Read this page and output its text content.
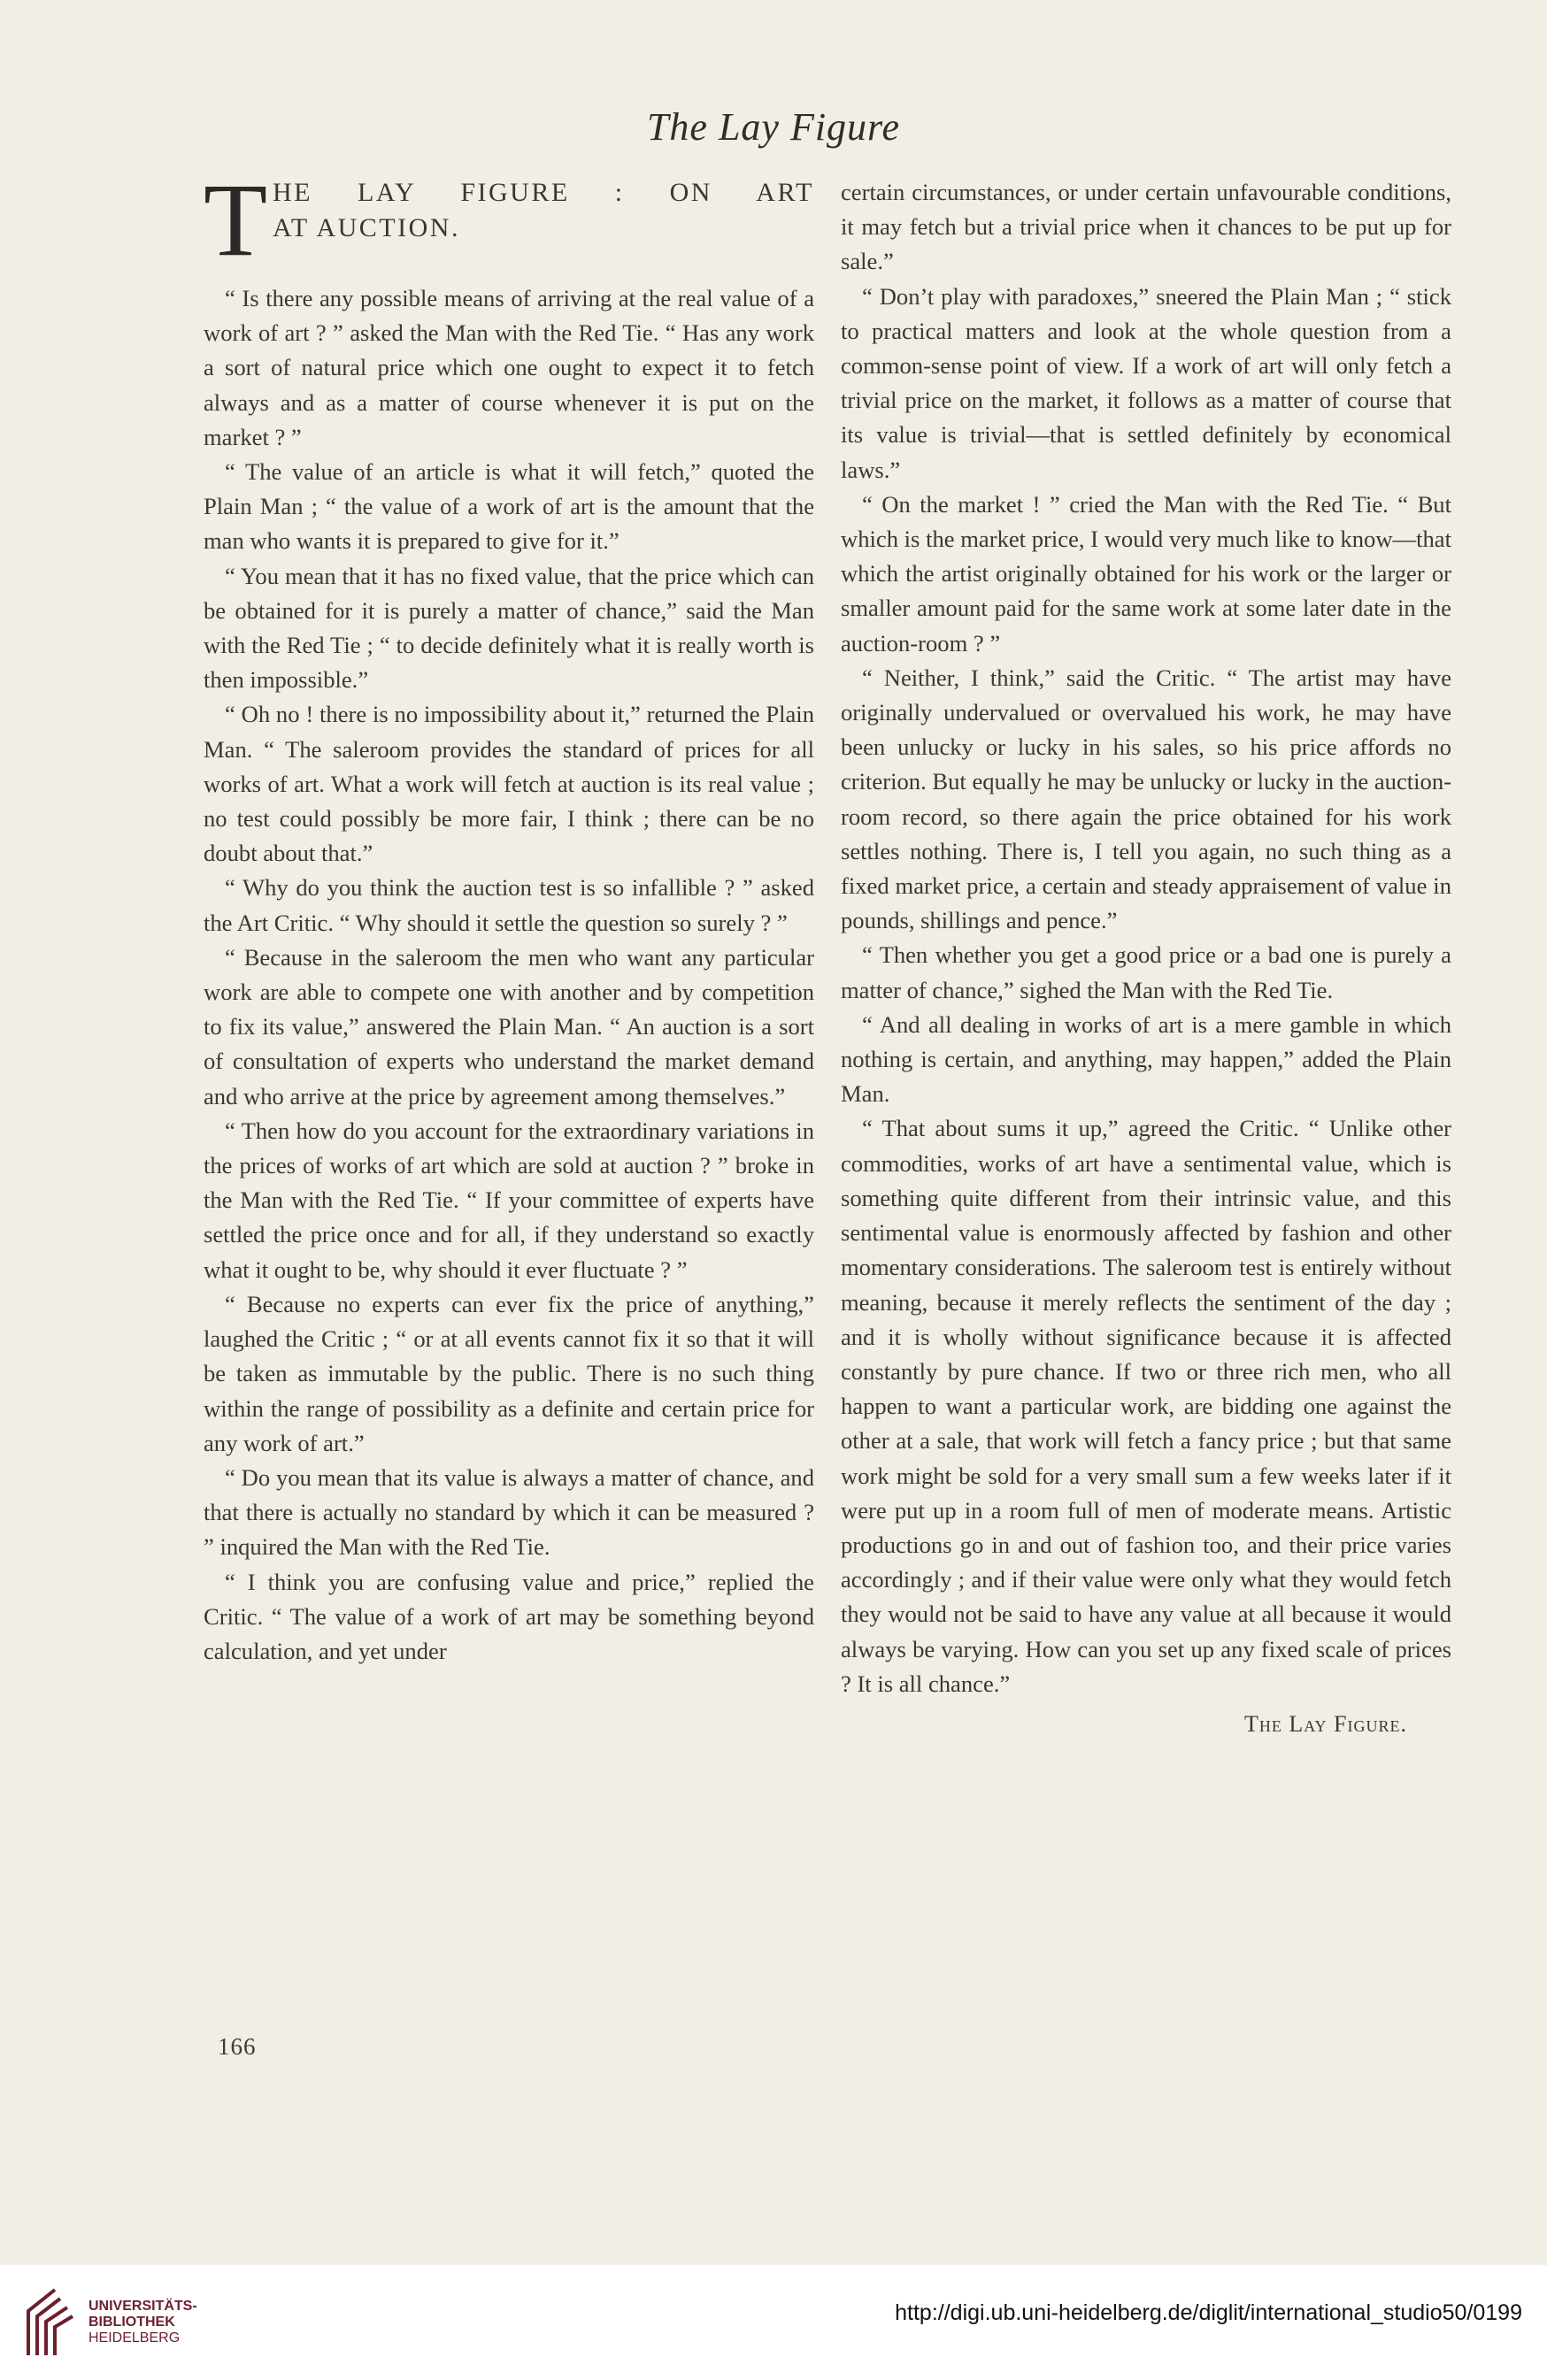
The Lay Figure
T HE LAY FIGURE : ON ART
AT AUCTION.

“ Is there any possible means of arriving at the real value of a work of art ? ” asked the Man with the Red Tie. “ Has any work a sort of natural price which one ought to expect it to fetch always and as a matter of course whenever it is put on the market ? ”

“ The value of an article is what it will fetch,” quoted the Plain Man ; “ the value of a work of art is the amount that the man who wants it is prepared to give for it.”

“ You mean that it has no fixed value, that the price which can be obtained for it is purely a matter of chance,” said the Man with the Red Tie ; “ to decide definitely what it is really worth is then impossible.”

“ Oh no ! there is no impossibility about it,” returned the Plain Man. “ The saleroom provides the standard of prices for all works of art. What a work will fetch at auction is its real value ; no test could possibly be more fair, I think ; there can be no doubt about that.”

“ Why do you think the auction test is so infallible ? ” asked the Art Critic. “ Why should it settle the question so surely ? ”

“ Because in the saleroom the men who want any particular work are able to compete one with another and by competition to fix its value,” answered the Plain Man. “ An auction is a sort of consultation of experts who understand the market demand and who arrive at the price by agreement among themselves.”

“ Then how do you account for the extraordinary variations in the prices of works of art which are sold at auction ? ” broke in the Man with the Red Tie. “ If your committee of experts have settled the price once and for all, if they understand so exactly what it ought to be, why should it ever fluctuate ? ”

“ Because no experts can ever fix the price of anything,” laughed the Critic ; “ or at all events cannot fix it so that it will be taken as immutable by the public. There is no such thing within the range of possibility as a definite and certain price for any work of art.”

“ Do you mean that its value is always a matter of chance, and that there is actually no standard by which it can be measured ? ” inquired the Man with the Red Tie.

“ I think you are confusing value and price,” replied the Critic. “ The value of a work of art may be something beyond calculation, and yet under

certain circumstances, or under certain unfavourable conditions, it may fetch but a trivial price when it chances to be put up for sale.”

“ Don’t play with paradoxes,” sneered the Plain Man ; “ stick to practical matters and look at the whole question from a common-sense point of view. If a work of art will only fetch a trivial price on the market, it follows as a matter of course that its value is trivial—that is settled definitely by economical laws.”

“ On the market ! ” cried the Man with the Red Tie. “ But which is the market price, I would very much like to know—that which the artist originally obtained for his work or the larger or smaller amount paid for the same work at some later date in the auction-room ? ”

“ Neither, I think,” said the Critic. “ The artist may have originally undervalued or overvalued his work, he may have been unlucky or lucky in his sales, so his price affords no criterion. But equally he may be unlucky or lucky in the auction-room record, so there again the price obtained for his work settles nothing. There is, I tell you again, no such thing as a fixed market price, a certain and steady appraisement of value in pounds, shillings and pence.”

“ Then whether you get a good price or a bad one is purely a matter of chance,” sighed the Man with the Red Tie.

“ And all dealing in works of art is a mere gamble in which nothing is certain, and anything, may happen,” added the Plain Man.

“ That about sums it up,” agreed the Critic. “ Unlike other commodities, works of art have a sentimental value, which is something quite different from their intrinsic value, and this sentimental value is enormously affected by fashion and other momentary considerations. The saleroom test is entirely without meaning, because it merely reflects the sentiment of the day ; and it is wholly without significance because it is affected constantly by pure chance. If two or three rich men, who all happen to want a particular work, are bidding one against the other at a sale, that work will fetch a fancy price ; but that same work might be sold for a very small sum a few weeks later if it were put up in a room full of men of moderate means. Artistic productions go in and out of fashion too, and their price varies accordingly ; and if their value were only what they would fetch they would not be said to have any value at all because it would always be varying. How can you set up any fixed scale of prices ? It is all chance.”

The Lay Figure.
166
UNIVERSITÄTS-
BIBLIOTHEK
HEIDELBERG
http://digi.ub.uni-heidelberg.de/diglit/international_studio50/0199
